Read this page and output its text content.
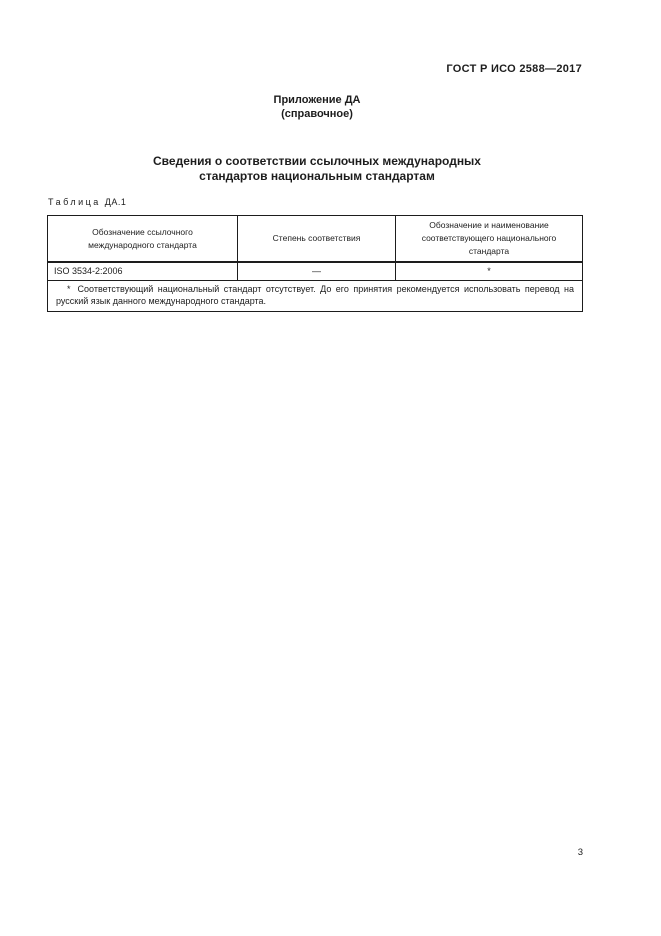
ГОСТ Р ИСО 2588—2017
Приложение ДА
(справочное)
Сведения о соответствии ссылочных международных
стандартов национальным стандартам
Таблица ДА.1
Обозначение ссылочного международного стандарта	Степень соответствия	Обозначение и наименование соответствующего национального стандарта
ISO 3534-2:2006	—	*

* Соответствующий национальный стандарт отсутствует. До его принятия рекомендуется использовать перевод на русский язык данного международного стандарта.		
3
